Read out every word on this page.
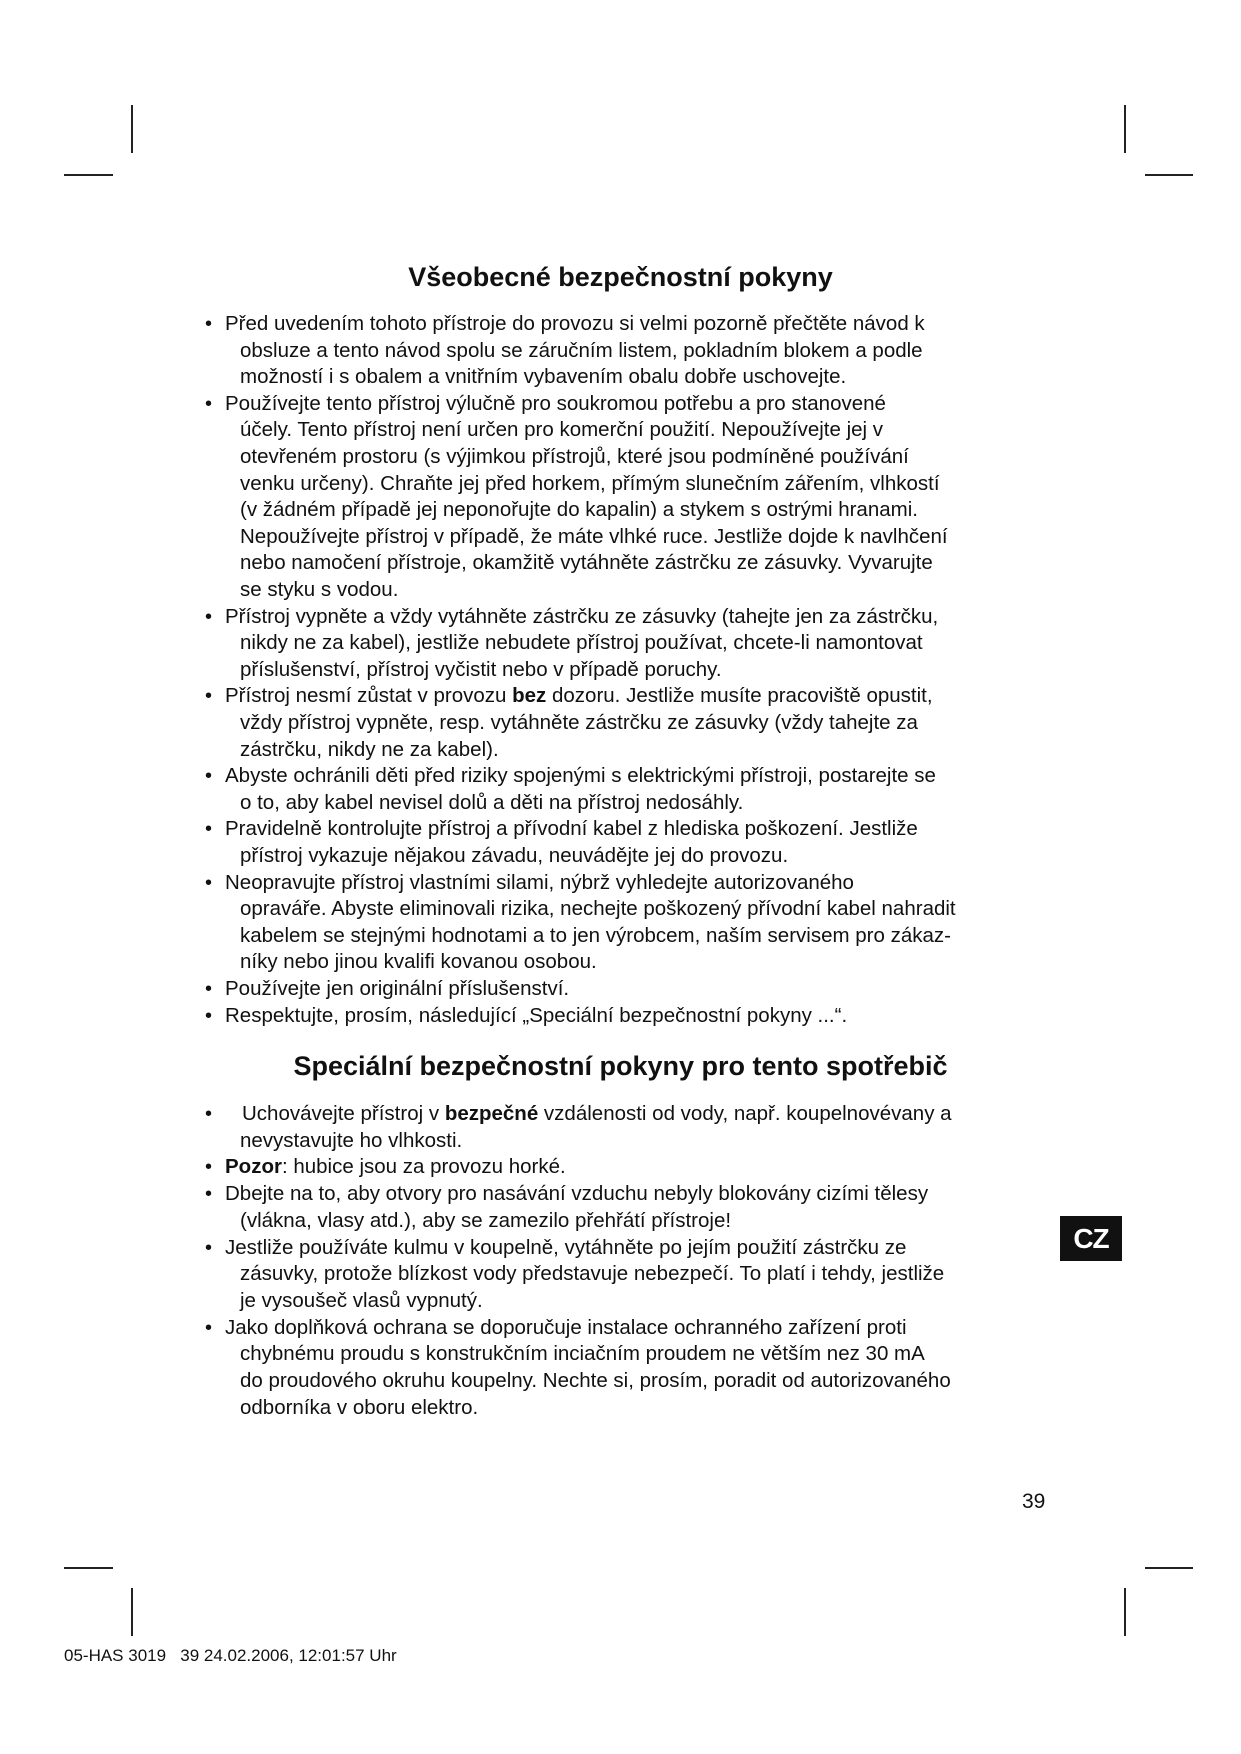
Všeobecné bezpečnostní pokyny
• Před uvedením tohoto přístroje do provozu si velmi pozorně přečtěte návod k
obsluze a tento návod spolu se záručním listem, pokladním blokem a podle
možností i s obalem a vnitřním vybavením obalu dobře uschovejte.
• Používejte tento přístroj výlučně pro soukromou potřebu a pro stanovené
účely. Tento přístroj není určen pro komerční použití. Nepoužívejte jej v
otevřeném prostoru (s výjimkou přístrojů, které jsou podmíněné používání
venku určeny). Chraňte jej před horkem, přímým slunečním zářením, vlhkostí
(v žádném případě jej neponořujte do kapalin) a stykem s ostrými hranami.
Nepoužívejte přístroj v případě, že máte vlhké ruce. Jestliže dojde k navlhčení
nebo namočení přístroje, okamžitě vytáhněte zástrčku ze zásuvky. Vyvarujte
se styku s vodou.
• Přístroj vypněte a vždy vytáhněte zástrčku ze zásuvky (tahejte jen za zástrčku,
nikdy ne za kabel), jestliže nebudete přístroj používat, chcete-li namontovat
příslušenství, přístroj vyčistit nebo v případě poruchy.
• Přístroj nesmí zůstat v provozu bez dozoru. Jestliže musíte pracoviště opustit,
vždy přístroj vypněte, resp. vytáhněte zástrčku ze zásuvky (vždy tahejte za
zástrčku, nikdy ne za kabel).
• Abyste ochránili děti před riziky spojenými s elektrickými přístroji, postarejte se
o to, aby kabel nevisel dolů a děti na přístroj nedosáhly.
• Pravidelně kontrolujte přístroj a přívodní kabel z hlediska poškození. Jestliže
přístroj vykazuje nějakou závadu, neuvádějte jej do provozu.
• Neopravujte přístroj vlastními silami, nýbrž vyhledejte autorizovaného
opraváře. Abyste eliminovali rizika, nechejte poškozený přívodní kabel nahradit
kabelem se stejnými hodnotami a to jen výrobcem, naším servisem pro zákaz-
níky nebo jinou kvalifi kovanou osobou.
• Používejte jen originální příslušenství.
• Respektujte, prosím, následující „Speciální bezpečnostní pokyny ...“.
Speciální bezpečnostní pokyny pro tento spotřebič
• Uchovávejte přístroj v bezpečné vzdálenosti od vody, např. koupelnovévany a
nevystavujte ho vlhkosti.
• Pozor: hubice jsou za provozu horké.
• Dbejte na to, aby otvory pro nasávání vzduchu nebyly blokovány cizími tělesy
(vlákna, vlasy atd.), aby se zamezilo přehřátí přístroje!
• Jestliže používáte kulmu v koupelně, vytáhněte po jejím použití zástrčku ze
zásuvky, protože blízkost vody představuje nebezpečí. To platí i tehdy, jestliže
je vysoušeč vlasů vypnutý.
• Jako doplňková ochrana se doporučuje instalace ochranného zařízení proti
chybnému proudu s konstrukčním inciačním proudem ne větším nez 30 mA
do proudového okruhu koupelny. Nechte si, prosím, poradit od autorizovaného
odborníka v oboru elektro.
CZ
39
05-HAS 3019   39 24.02.2006, 12:01:57 Uhr
